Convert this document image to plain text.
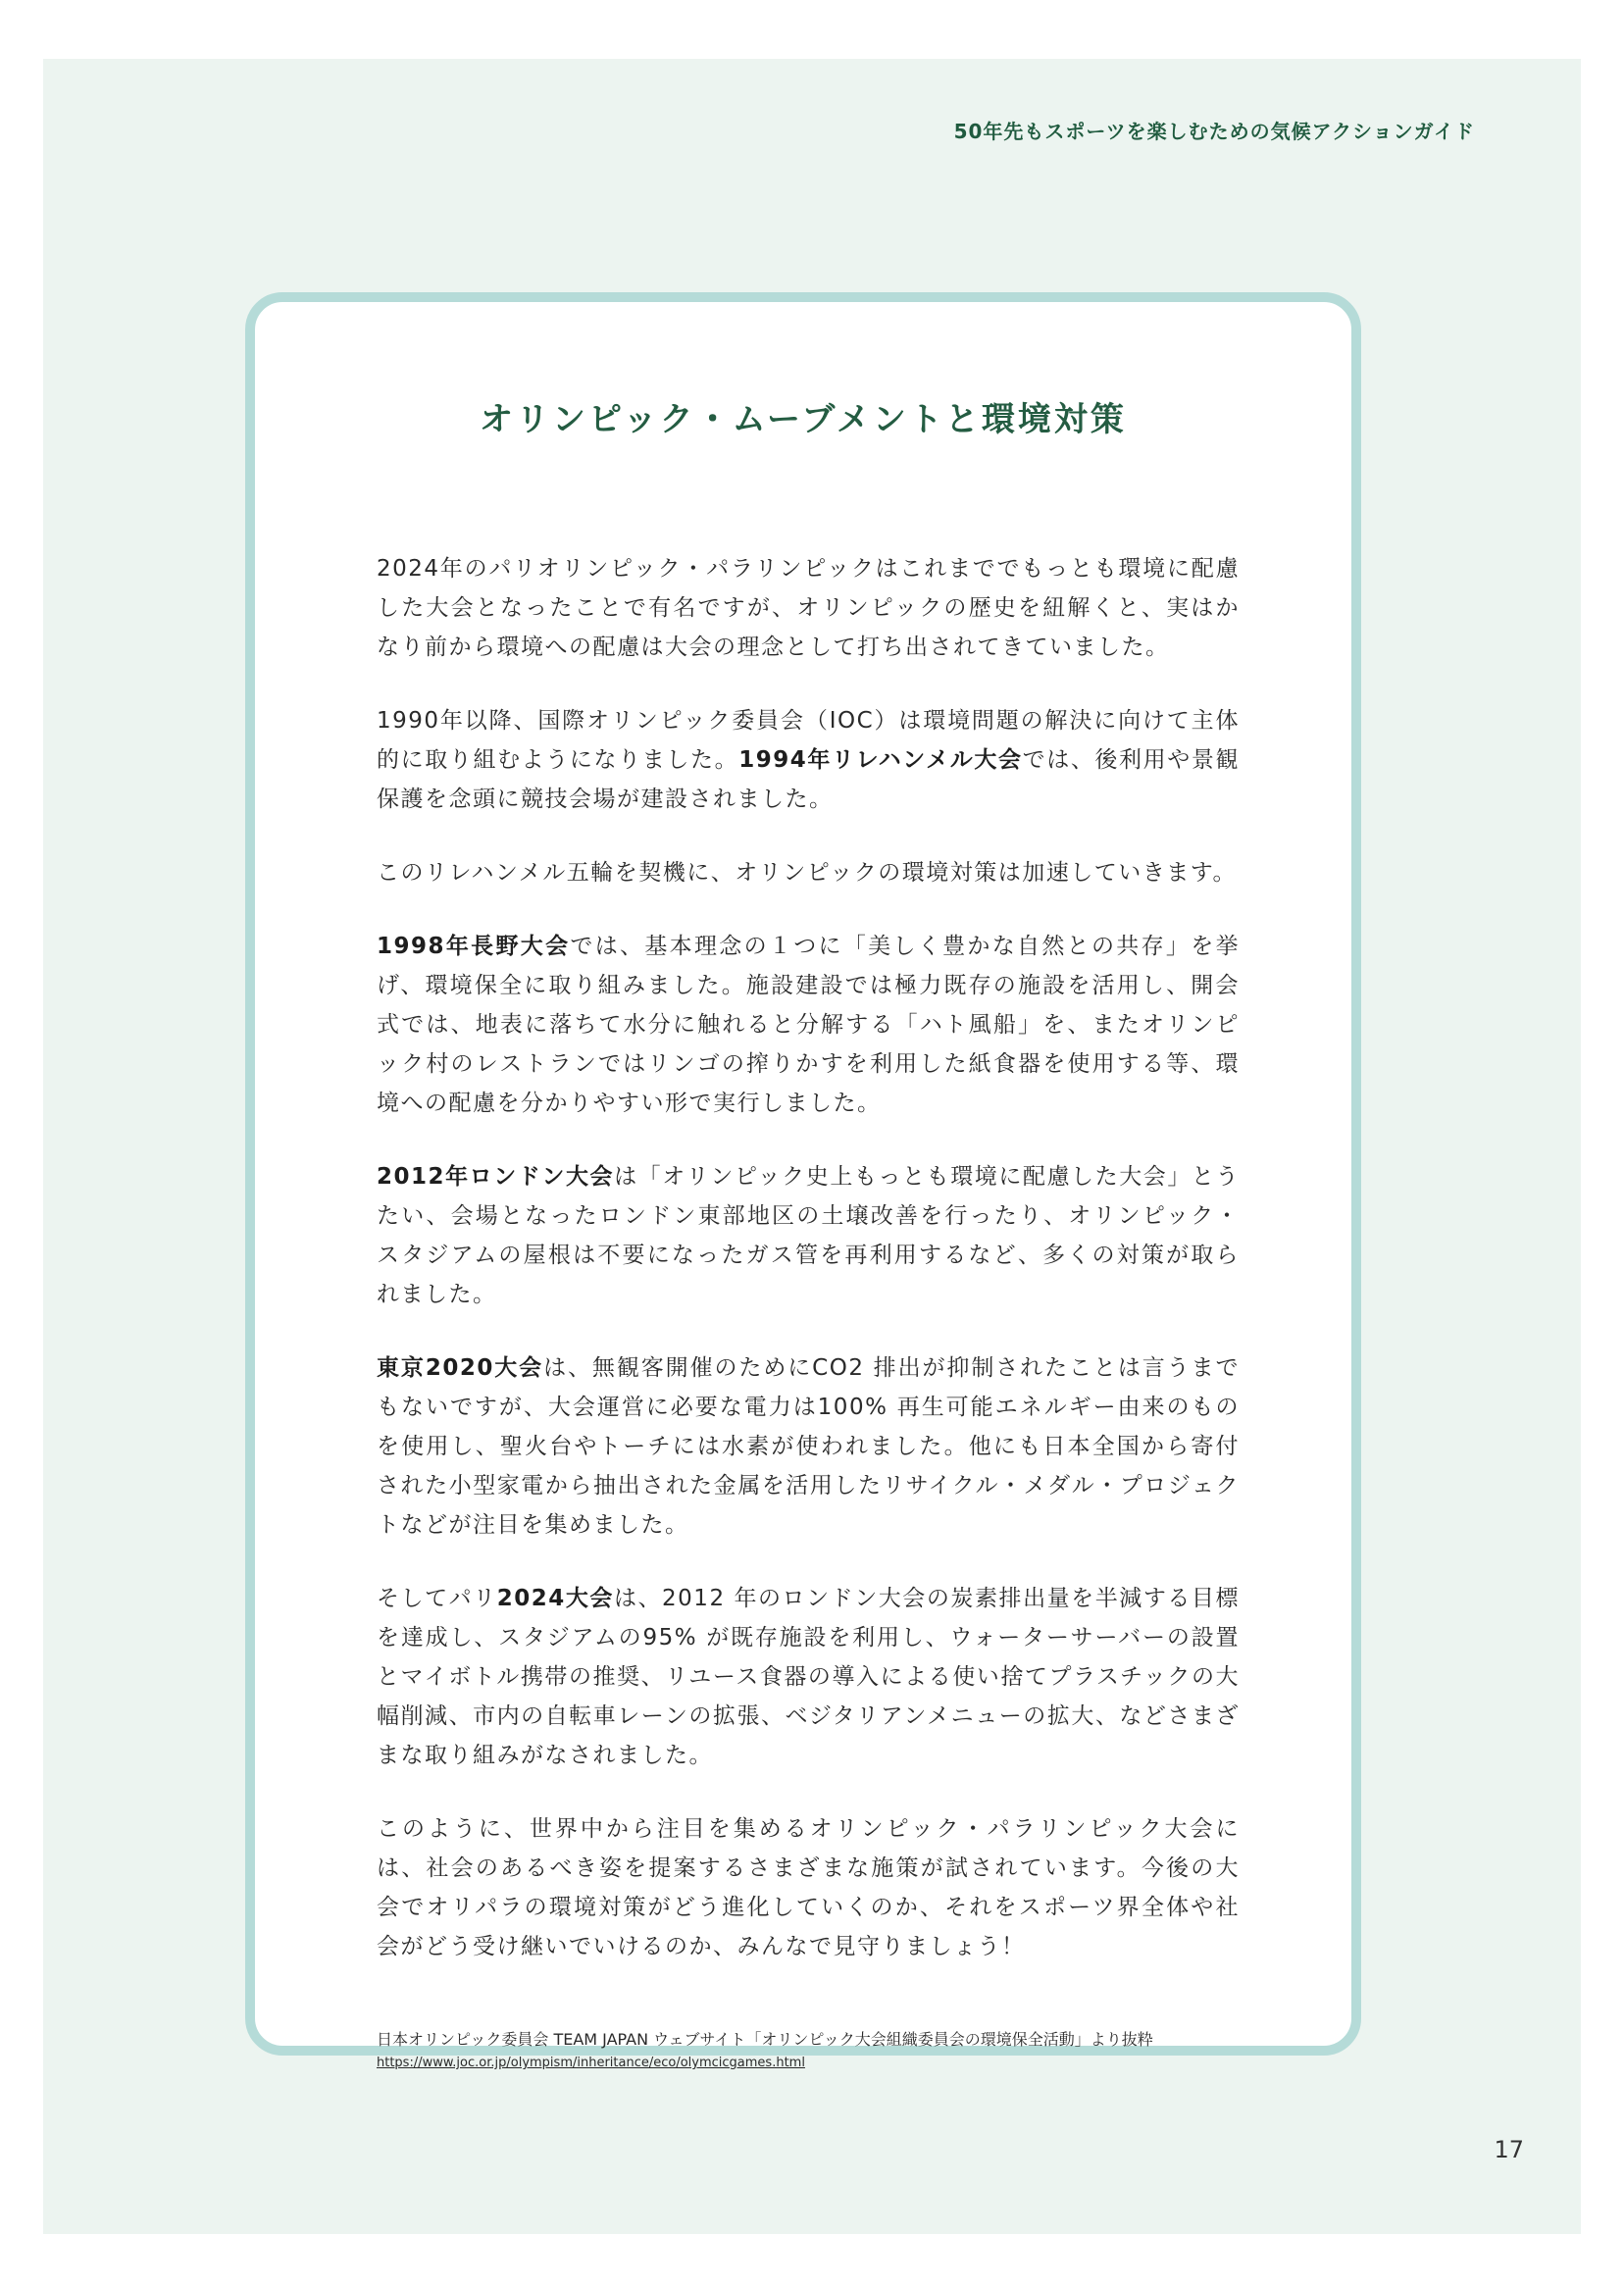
50年先もスポーツを楽しむための気候アクションガイド
オリンピック・ムーブメントと環境対策

2024年のパリオリンピック・パラリンピックはこれまででもっとも環境に配慮した大会となったことで有名ですが、オリンピックの歴史を紐解くと、実はかなり前から環境への配慮は大会の理念として打ち出されてきていました。

1990年以降、国際オリンピック委員会（IOC）は環境問題の解決に向けて主体的に取り組むようになりました。1994年リレハンメル大会では、後利用や景観保護を念頭に競技会場が建設されました。

このリレハンメル五輪を契機に、オリンピックの環境対策は加速していきます。

1998年長野大会では、基本理念の１つに「美しく豊かな自然との共存」を挙げ、環境保全に取り組みました。施設建設では極力既存の施設を活用し、開会式では、地表に落ちて水分に触れると分解する「ハト風船」を、またオリンピック村のレストランではリンゴの搾りかすを利用した紙食器を使用する等、環境への配慮を分かりやすい形で実行しました。

2012年ロンドン大会は「オリンピック史上もっとも環境に配慮した大会」とうたい、会場となったロンドン東部地区の土壌改善を行ったり、オリンピック・スタジアムの屋根は不要になったガス管を再利用するなど、多くの対策が取られました。

東京2020大会は、無観客開催のためにCO2 排出が抑制されたことは言うまでもないですが、大会運営に必要な電力は100% 再生可能エネルギー由来のものを使用し、聖火台やトーチには水素が使われました。他にも日本全国から寄付された小型家電から抽出された金属を活用したリサイクル・メダル・プロジェクトなどが注目を集めました。

そしてパリ2024大会は、2012 年のロンドン大会の炭素排出量を半減する目標を達成し、スタジアムの95% が既存施設を利用し、ウォーターサーバーの設置とマイボトル携帯の推奨、リユース食器の導入による使い捨てプラスチックの大幅削減、市内の自転車レーンの拡張、ベジタリアンメニューの拡大、などさまざまな取り組みがなされました。

このように、世界中から注目を集めるオリンピック・パラリンピック大会には、社会のあるべき姿を提案するさまざまな施策が試されています。今後の大会でオリパラの環境対策がどう進化していくのか、それをスポーツ界全体や社会がどう受け継いでいけるのか、みんなで見守りましょう！

日本オリンピック委員会 TEAM JAPAN ウェブサイト「オリンピック大会組織委員会の環境保全活動」より抜粋
https://www.joc.or.jp/olympism/inheritance/eco/olymcicgames.html
17
